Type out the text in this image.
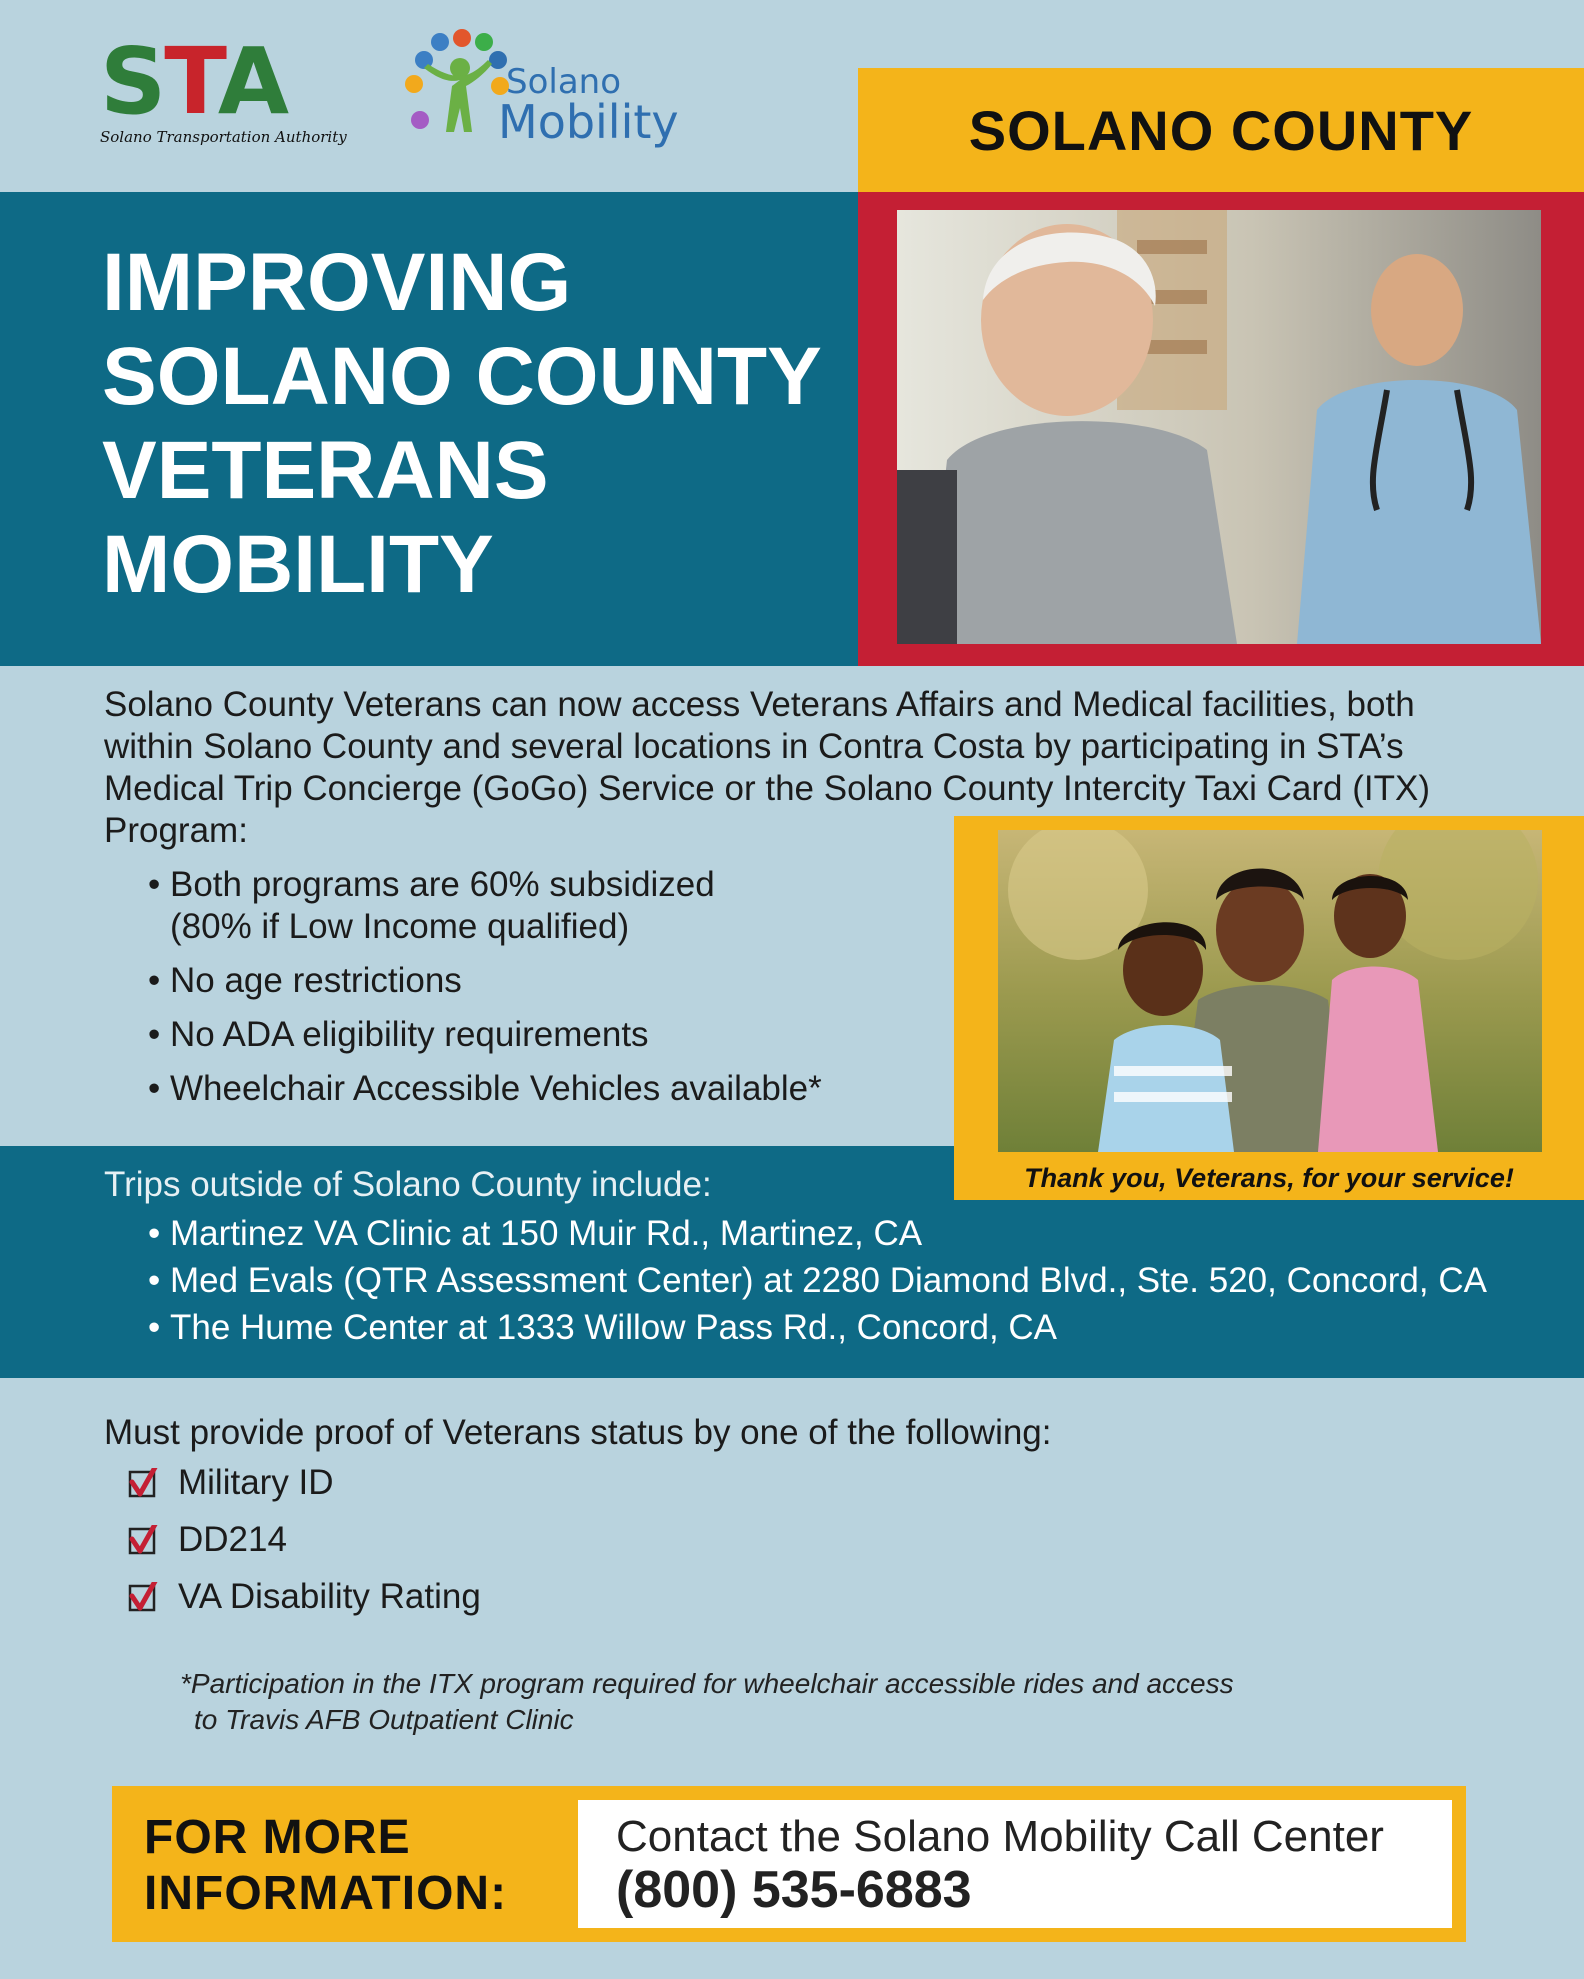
STA
Solano Transportation Authority
Solano
Mobility	SOLANO COUNTY
IMPROVING
SOLANO COUNTY
VETERANS
MOBILITY
Solano County Veterans can now access Veterans Affairs and Medical facilities, both within Solano County and several locations in Contra Costa by participating in STA’s Medical Trip Concierge (GoGo) Service or the Solano County Intercity Taxi Card (ITX) Program:
• Both programs are 60% subsidized
(80% if Low Income qualified)
• No age restrictions
• No ADA eligibility requirements
• Wheelchair Accessible Vehicles available*
Trips outside of Solano County include:
• Martinez VA Clinic at 150 Muir Rd., Martinez, CA
• Med Evals (QTR Assessment Center) at 2280 Diamond Blvd., Ste. 520, Concord, CA
• The Hume Center at 1333 Willow Pass Rd., Concord, CA
Thank you, Veterans, for your service!
Must provide proof of Veterans status by one of the following:
Military ID
DD214
VA Disability Rating
*Participation in the ITX program required for wheelchair accessible rides and access
to Travis AFB Outpatient Clinic
FOR MORE
INFORMATION:
Contact the Solano Mobility Call Center
(800) 535-6883
